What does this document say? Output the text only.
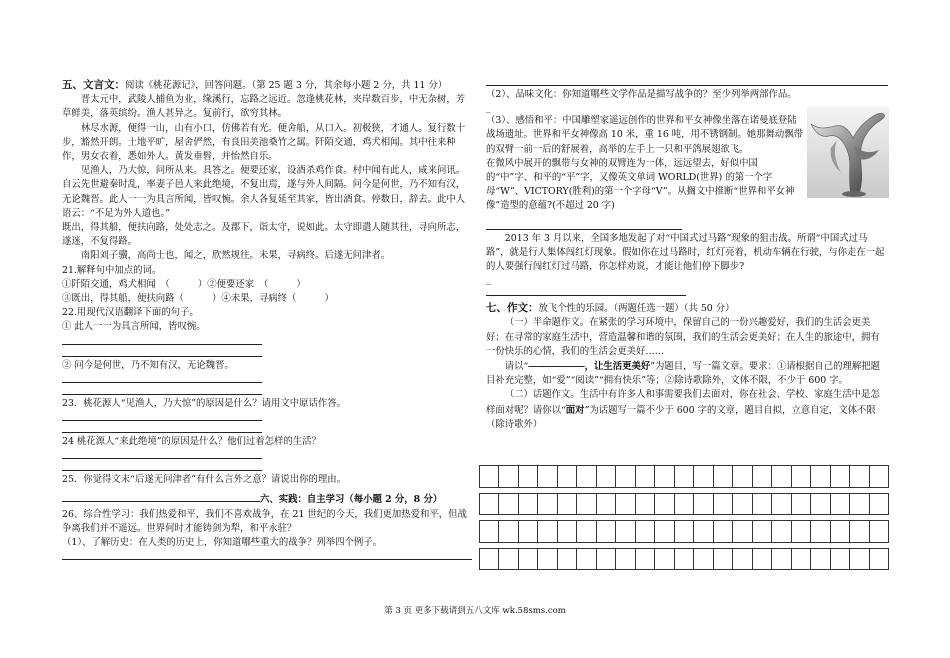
五、文言文：阅读《桃花源记》，回答问题。（第 25 题 3 分，其余每小题 2 分，共 11 分）

晋太元中，武陵人捕鱼为业，缘溪行，忘路之远近。忽逢桃花林，夹岸数百步，中无杂树，芳草鲜美，落英缤纷。渔人甚异之。复前行，欲穷其林。

林尽水源，便得一山，山有小口，仿佛若有光。便舍船，从口入。初极狭，才通人。复行数十步，豁然开朗。土地平旷，屋舍俨然，有良田美池桑竹之属。阡陌交通，鸡犬相闻。其中往来种作，男女衣着，悉如外人。黄发垂髫，并怡然自乐。

见渔人，乃大惊，问所从来。具答之。便要还家，设酒杀鸡作食。村中闻有此人，咸来问讯。自云先世避秦时乱，率妻子邑人来此绝境，不复出焉，遂与外人间隔。问今是何世，乃不知有汉，无论魏晋。此人一一为具言所闻，皆叹惋。余人各复延至其家，皆出酒食。停数日，辞去。此中人语云：“不足为外人道也。”

既出，得其船，便扶向路，处处志之。及郡下，诣太守，说如此。太守即遣人随其往，寻向所志，遂迷，不复得路。

南阳刘子骥，高尚士也，闻之，欣然规往。未果，寻病终。后遂无问津者。

21.解释句中加点的词。

①阡陌交通，鸡犬相闻　（　　　）②便要还家　（　　　）

③既出，得其船，便扶向路（　　　）④未果，寻病终（　　　）

22.用现代汉语翻译下面的句子。

① 此人一一为具言所闻，皆叹惋。

② 问今是何世，乃不知有汉，无论魏晋。

23．桃花源人“见渔人，乃大惊”的原因是什么？请用文中原话作答。

24 桃花源人“来此绝境”的原因是什么？他们过着怎样的生活？

25．你觉得文末“后遂无问津者”有什么言外之意？请说出你的理由。

六、实践：自主学习（每小题 2 分，8 分）

26、综合性学习：我们热爱和平，我们不喜欢战争，在 21 世纪的今天，我们更加热爱和平，但战争离我们并不遥远。世界何时才能铸剑为犁，和平永驻？

（1）、了解历史：在人类的历史上，你知道哪些重大的战争？列举四个例子。

（2）、品味文化：你知道哪些文学作品是描写战争的？至少列举两部作品。

_

（3）、感悟和平：中国雕塑家遥远创作的世界和平女神像坐落在诺曼底登陆战场遗址。世界和平女神像高 10 米，重 16 吨，用不锈钢制。她那舞动飘带的双臂一前一后的舒展着，高举的左手上一只和平鸽展翅欲飞。

在微风中展开的飘带与女神的双臂连为一体，远远望去，好似中国的“中”字、和平的“平”字，又像英文单词 WORLD(世界) 的第一个字母“W”、VICTORY(胜利)的第一个字母“V”。从搁文中推断“世界和平女神像”造型的意蕴?(不超过 20 字)

2013 年 3 月以来，全国多地发起了对“中国式过马路”现象的狙击战。所谓“中国式过马路”，就是行人集体闯红灯现象。假如你在过马路时，红灯亮着，机动车辆在行驶，与你走在一起的人要强行闯红灯过马路，你怎样劝说，才能让他们停下脚步?

_

七、作文：放飞个性的乐园。（两题任选一题）（共 50 分）

（一）半命题作文。在紧张的学习环境中，保留自己的一份兴趣爱好，我们的生活会更美好；在寻常的家庭生活中，营造温馨和谐的氛围，我们的生活会更美好；在人生的旅途中，拥有一份快乐的心情，我们的生活会更美好……

请以“——————，让生活更美好”为题目，写一篇文章。要求：①请根据自己的理解把题目补充完整，如“爱”“阅读”“拥有快乐”等；②除诗歌除外，文体不限，不少于 600 字。

（二）话题作文。生活中有许多人和事需要我们去面对，你在社会、学校、家庭生活中是怎样面对呢？请你以“面对”为话题写一篇不少于 600 字的文章，题目自拟，立意自定，文体不限（除诗歌外）

第 3 页 更多下载请到五八文库 wk.58sms.com
